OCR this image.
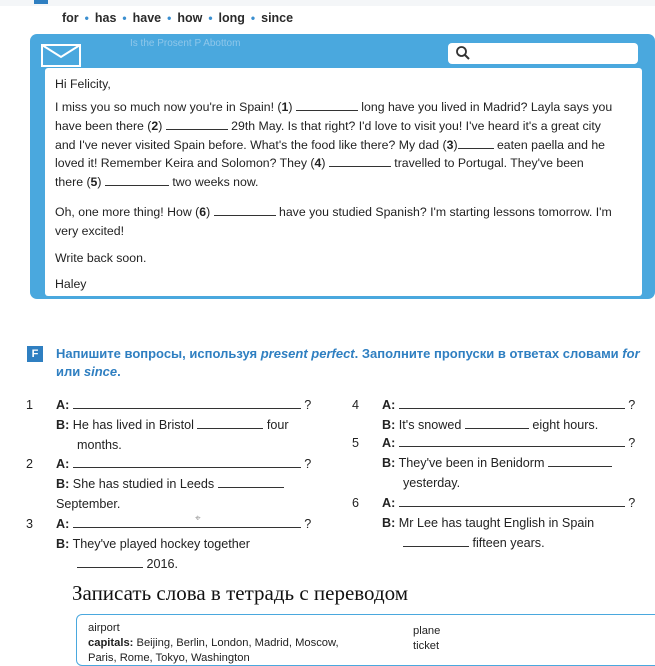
for • has • have • how • long • since
Is the Prosent P Abottom
•
Hi Felicity,

I miss you so much now you're in Spain! (1)	long have you lived in Madrid? Layla says you have been there (2)	29th May. Is that right? I'd love to visit you! I've heard it's a great city and I've never visited Spain before. What's the food like there? My dad (3)	eaten paella and he loved it! Remember Keira and Solomon? They (4)	travelled to Portugal. They've been there (5)	two weeks now.

Oh, one more thing! How (6)	have you studied Spanish? I'm starting lessons tomorrow. I'm very excited!

Write back soon.
Haley
F	Напишите вопросы, используя present perfect. Заполните пропуски в ответах словами for или since.
1 A:	?
B: He has lived in Bristol	four
months.
2 A:	?
B: She has studied in Leeds
September.
3 A:	?
B: They've played hockey together
2016.
⌖
4 A:	?
B: It's snowed	eight hours.
5 A:	?
B: They've been in Benidorm
yesterday.
6 A:	?
B: Mr Lee has taught English in Spain
fifteen years.
Записать слова в тетрадь с переводом
airport
capitals: Beijing, Berlin, London, Madrid, Moscow,
Paris, Rome, Tokyo, Washington
plane
ticket
